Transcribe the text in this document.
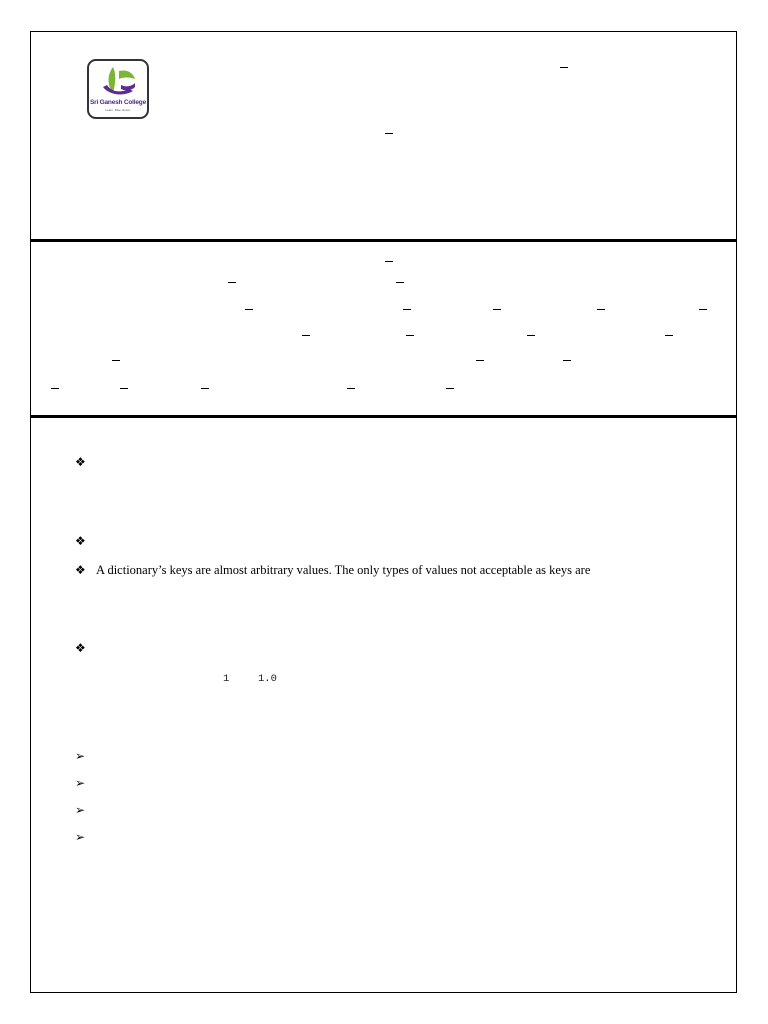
Sri Ganesh College
Learn. Rise. Excel.
❖
❖
❖ A dictionary’s keys are almost arbitrary values. The only types of values not acceptable as keys are
❖
1	1.0
➢
➢
➢
➢
